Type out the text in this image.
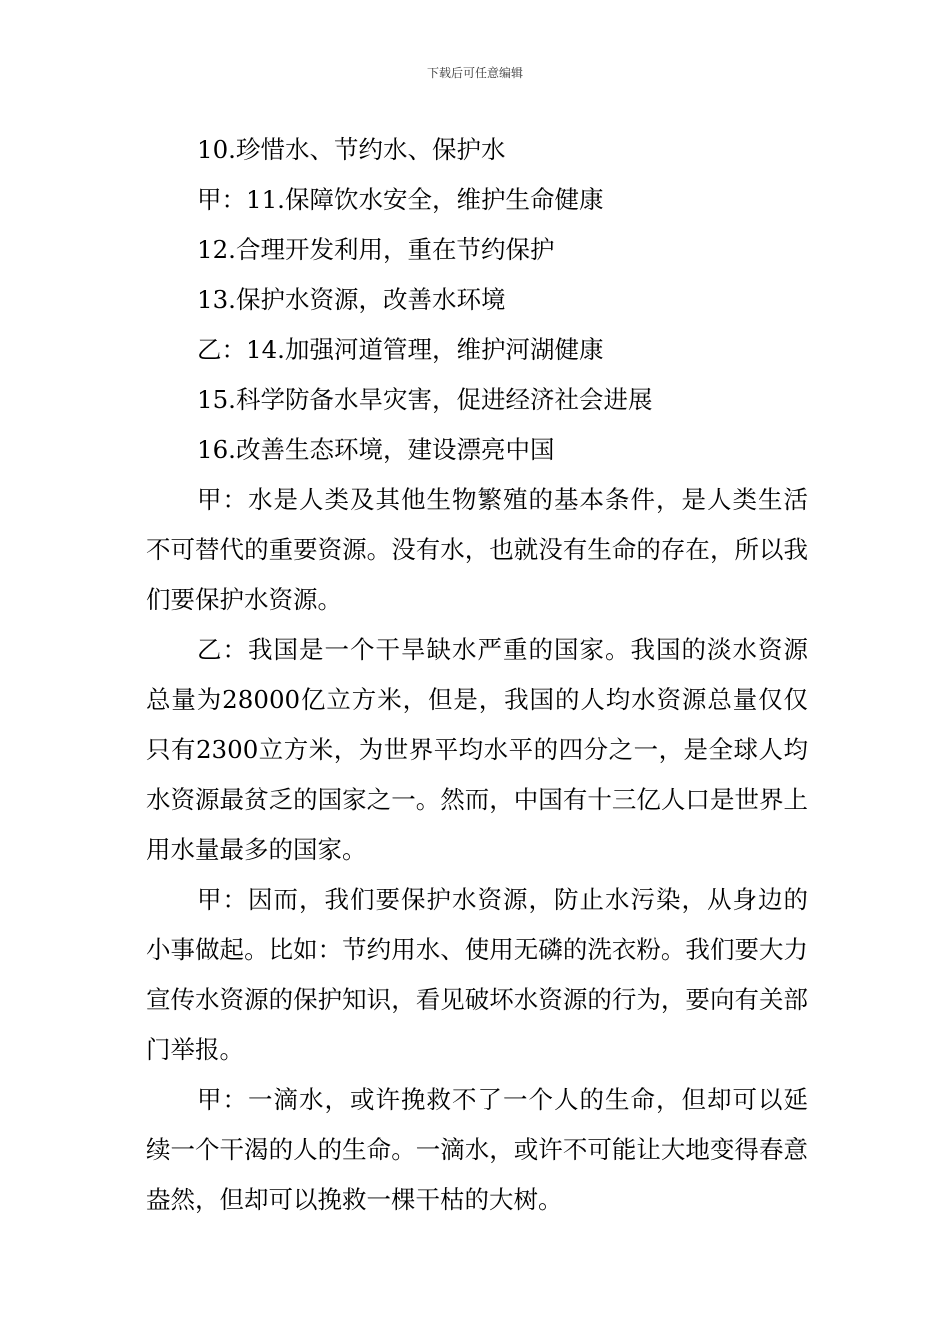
下载后可任意编辑
10.珍惜水、节约水、保护水
甲：11.保障饮水安全，维护生命健康
12.合理开发利用，重在节约保护
13.保护水资源，改善水环境
乙：14.加强河道管理，维护河湖健康
15.科学防备水旱灾害，促进经济社会进展
16.改善生态环境，建设漂亮中国

甲：水是人类及其他生物繁殖的基本条件，是人类生活不可替代的重要资源。没有水，也就没有生命的存在，所以我们要保护水资源。

乙：我国是一个干旱缺水严重的国家。我国的淡水资源总量为28000亿立方米，但是，我国的人均水资源总量仅仅只有2300立方米，为世界平均水平的四分之一，是全球人均水资源最贫乏的国家之一。然而，中国有十三亿人口是世界上用水量最多的国家。

甲：因而，我们要保护水资源，防止水污染，从身边的小事做起。比如：节约用水、使用无磷的洗衣粉。我们要大力宣传水资源的保护知识，看见破坏水资源的行为，要向有关部门举报。

甲：一滴水，或许挽救不了一个人的生命，但却可以延续一个干渴的人的生命。一滴水，或许不可能让大地变得春意盎然，但却可以挽救一棵干枯的大树。
